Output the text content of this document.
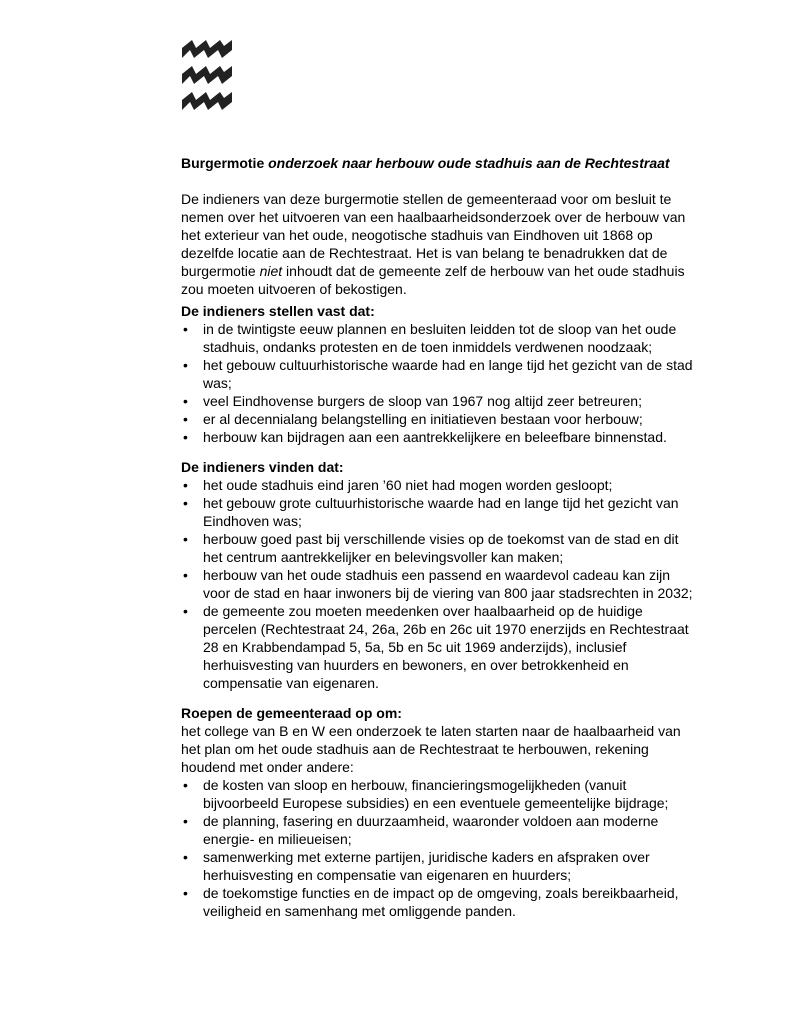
Burgermotie onderzoek naar herbouw oude stadhuis aan de Rechtestraat

De indieners van deze burgermotie stellen de gemeenteraad voor om besluit te
nemen over het uitvoeren van een haalbaarheidsonderzoek over de herbouw van
het exterieur van het oude, neogotische stadhuis van Eindhoven uit 1868 op
dezelfde locatie aan de Rechtestraat. Het is van belang te benadrukken dat de
burgermotie niet inhoudt dat de gemeente zelf de herbouw van het oude stadhuis
zou moeten uitvoeren of bekostigen.

De indieners stellen vast dat:
• in de twintigste eeuw plannen en besluiten leidden tot de sloop van het oude
stadhuis, ondanks protesten en de toen inmiddels verdwenen noodzaak;
• het gebouw cultuurhistorische waarde had en lange tijd het gezicht van de stad
was;
• veel Eindhovense burgers de sloop van 1967 nog altijd zeer betreuren;
• er al decennialang belangstelling en initiatieven bestaan voor herbouw;
• herbouw kan bijdragen aan een aantrekkelijkere en beleefbare binnenstad.
De indieners vinden dat:
• het oude stadhuis eind jaren ’60 niet had mogen worden gesloopt;
• het gebouw grote cultuurhistorische waarde had en lange tijd het gezicht van
Eindhoven was;
• herbouw goed past bij verschillende visies op de toekomst van de stad en dit
het centrum aantrekkelijker en belevingsvoller kan maken;
• herbouw van het oude stadhuis een passend en waardevol cadeau kan zijn
voor de stad en haar inwoners bij de viering van 800 jaar stadsrechten in 2032;
• de gemeente zou moeten meedenken over haalbaarheid op de huidige
percelen (Rechtestraat 24, 26a, 26b en 26c uit 1970 enerzijds en Rechtestraat
28 en Krabbendampad 5, 5a, 5b en 5c uit 1969 anderzijds), inclusief
herhuisvesting van huurders en bewoners, en over betrokkenheid en
compensatie van eigenaren.
Roepen de gemeenteraad op om:

het college van B en W een onderzoek te laten starten naar de haalbaarheid van
het plan om het oude stadhuis aan de Rechtestraat te herbouwen, rekening
houdend met onder andere:

• de kosten van sloop en herbouw, financieringsmogelijkheden (vanuit
bijvoorbeeld Europese subsidies) en een eventuele gemeentelijke bijdrage;
• de planning, fasering en duurzaamheid, waaronder voldoen aan moderne
energie- en milieueisen;
• samenwerking met externe partijen, juridische kaders en afspraken over
herhuisvesting en compensatie van eigenaren en huurders;
• de toekomstige functies en de impact op de omgeving, zoals bereikbaarheid,
veiligheid en samenhang met omliggende panden.
